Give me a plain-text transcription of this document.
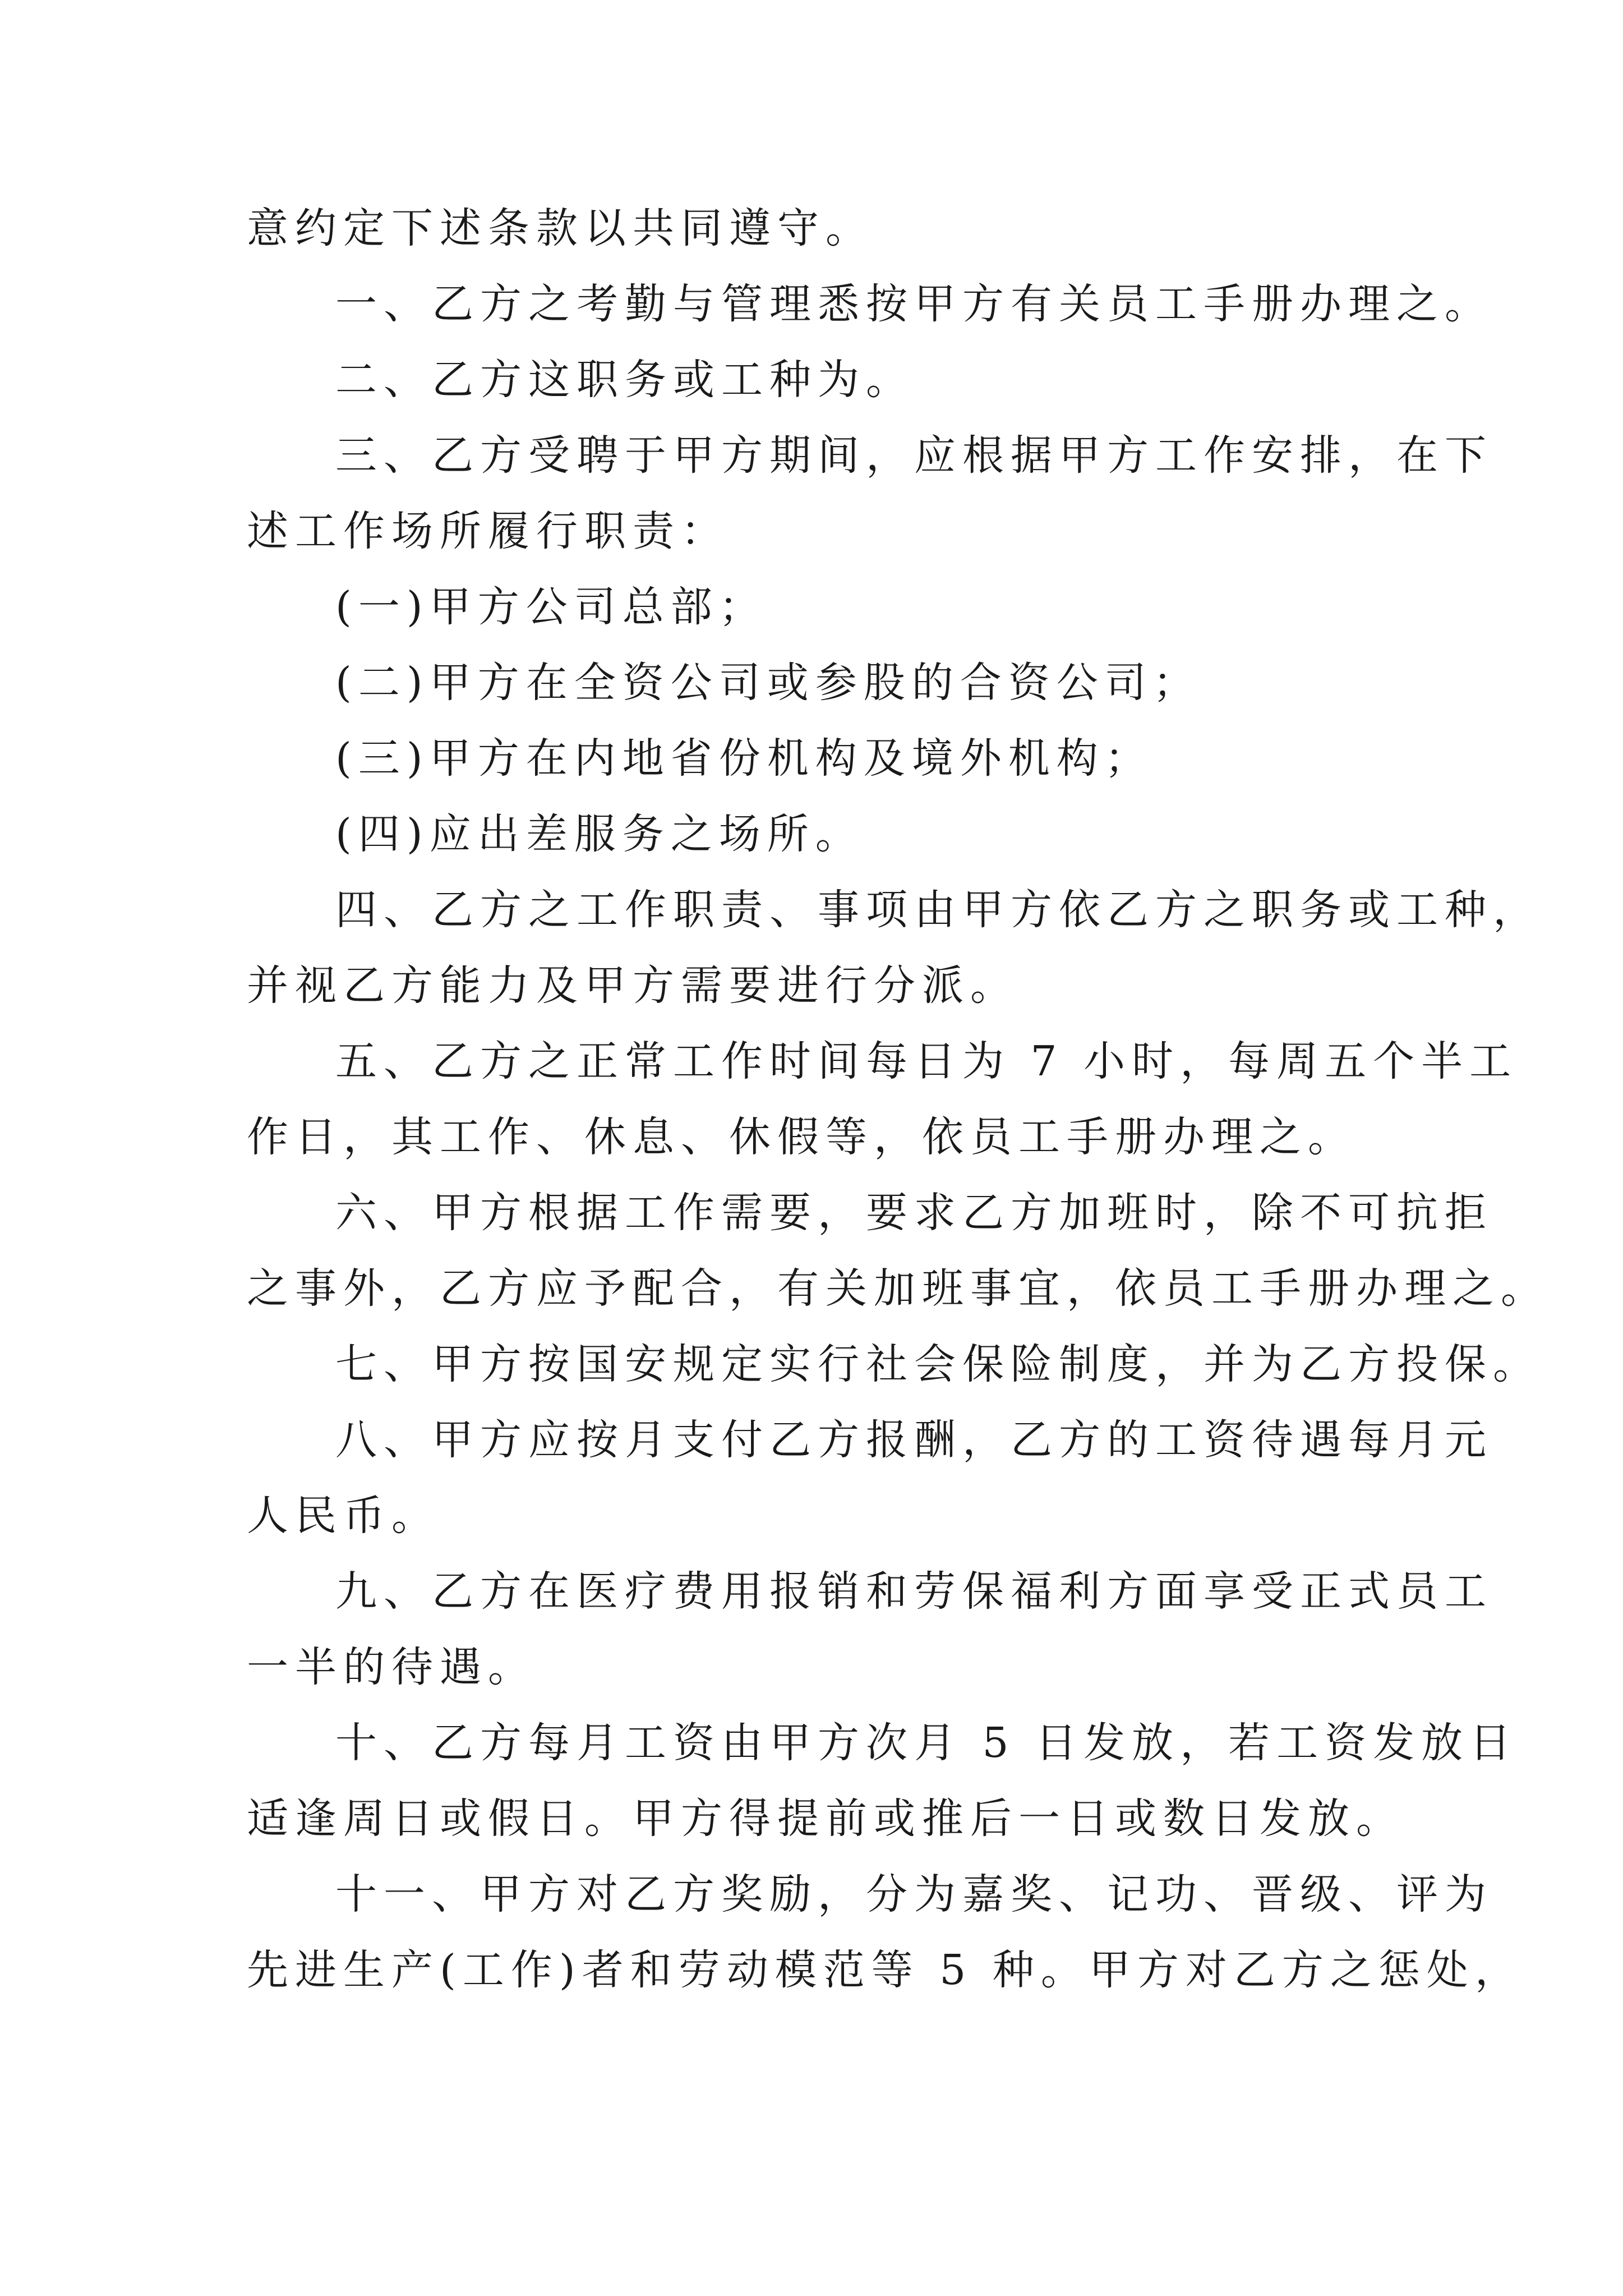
意约定下述条款以共同遵守。
一、乙方之考勤与管理悉按甲方有关员工手册办理之。
二、乙方这职务或工种为。
三、乙方受聘于甲方期间，应根据甲方工作安排，在下
述工作场所履行职责：
(一)甲方公司总部；
(二)甲方在全资公司或参股的合资公司；
(三)甲方在内地省份机构及境外机构；
(四)应出差服务之场所。
四、乙方之工作职责、事项由甲方依乙方之职务或工种，
并视乙方能力及甲方需要进行分派。
五、乙方之正常工作时间每日为 7 小时，每周五个半工
作日，其工作、休息、休假等，依员工手册办理之。
六、甲方根据工作需要，要求乙方加班时，除不可抗拒
之事外，乙方应予配合，有关加班事宜，依员工手册办理之。
七、甲方按国安规定实行社会保险制度，并为乙方投保。
八、甲方应按月支付乙方报酬，乙方的工资待遇每月元
人民币。
九、乙方在医疗费用报销和劳保福利方面享受正式员工
一半的待遇。
十、乙方每月工资由甲方次月 5 日发放，若工资发放日
适逢周日或假日。甲方得提前或推后一日或数日发放。
十一、甲方对乙方奖励，分为嘉奖、记功、晋级、评为
先进生产(工作)者和劳动模范等 5 种。甲方对乙方之惩处，
